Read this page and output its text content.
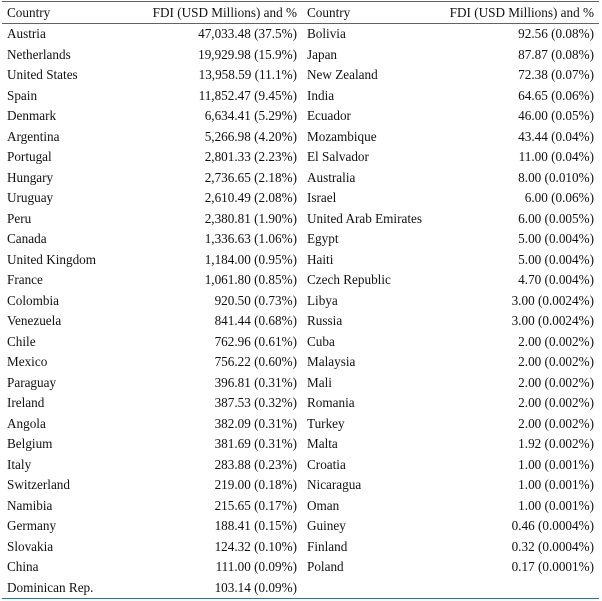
Country	FDI (USD Millions) and %	Country	FDI (USD Millions) and %
Austria	47,033.48 (37.5%)	Bolivia	92.56 (0.08%)
Netherlands	19,929.98 (15.9%)	Japan	87.87 (0.08%)
United States	13,958.59 (11.1%)	New Zealand	72.38 (0.07%)
Spain	11,852.47 (9.45%)	India	64.65 (0.06%)
Denmark	6,634.41 (5.29%)	Ecuador	46.00 (0.05%)
Argentina	5,266.98 (4.20%)	Mozambique	43.44 (0.04%)
Portugal	2,801.33 (2.23%)	El Salvador	11.00 (0.04%)
Hungary	2,736.65 (2.18%)	Australia	8.00 (0.010%)
Uruguay	2,610.49 (2.08%)	Israel	6.00 (0.06%)
Peru	2,380.81 (1.90%)	United Arab Emirates	6.00 (0.005%)
Canada	1,336.63 (1.06%)	Egypt	5.00 (0.004%)
United Kingdom	1,184.00 (0.95%)	Haiti	5.00 (0.004%)
France	1,061.80 (0.85%)	Czech Republic	4.70 (0.004%)
Colombia	920.50 (0.73%)	Libya	3.00 (0.0024%)
Venezuela	841.44 (0.68%)	Russia	3.00 (0.0024%)
Chile	762.96 (0.61%)	Cuba	2.00 (0.002%)
Mexico	756.22 (0.60%)	Malaysia	2.00 (0.002%)
Paraguay	396.81 (0.31%)	Mali	2.00 (0.002%)
Ireland	387.53 (0.32%)	Romania	2.00 (0.002%)
Angola	382.09 (0.31%)	Turkey	2.00 (0.002%)
Belgium	381.69 (0.31%)	Malta	1.92 (0.002%)
Italy	283.88 (0.23%)	Croatia	1.00 (0.001%)
Switzerland	219.00 (0.18%)	Nicaragua	1.00 (0.001%)
Namibia	215.65 (0.17%)	Oman	1.00 (0.001%)
Germany	188.41 (0.15%)	Guiney	0.46 (0.0004%)
Slovakia	124.32 (0.10%)	Finland	0.32 (0.0004%)
China	111.00 (0.09%)	Poland	0.17 (0.0001%)
Dominican Rep.	103.14 (0.09%)		
